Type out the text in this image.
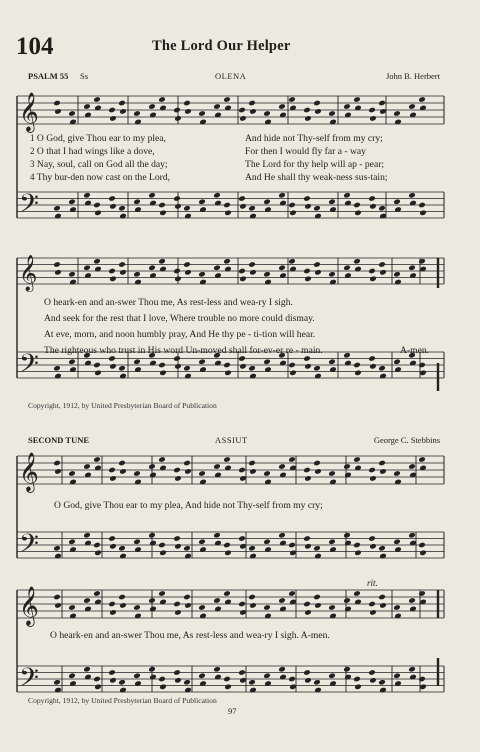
104	The Lord Our Helper
PSALM 55 Ss	OLENA	John B. Herbert
𝄞
𝄢
𝄞
𝄢
𝄞
𝄢
𝄞
𝄢
1 O God, give Thou ear to my plea,	And hide not Thy-self from my cry;
2 O that I had wings like a dove,	For then I would fly far a - way
3 Nay, soul, call on God all the day;	The Lord for thy help will ap - pear;
4 Thy bur-den now cast on the Lord,	And He shall thy weak-ness sus-tain;
O heark-en and an-swer Thou me, As rest-less and wea-ry I sigh.
And seek for the rest that I love, Where trouble no more could dismay.
At eve, morn, and noon humbly pray, And He thy pe - ti-tion will hear.
The righteous who trust in His word Un-moved shall for-ev-er re - main.	A-men.
Copyright, 1912, by United Presbyterian Board of Publication
SECOND TUNE	ASSIUT	George C. Stebbins
O God, give Thou ear to my plea, And hide not Thy-self from my cry;
rit.
O heark-en and an-swer Thou me, As rest-less and wea-ry I sigh. A-men.
Copyright, 1912, by United Presbyterian Board of Publication
97
